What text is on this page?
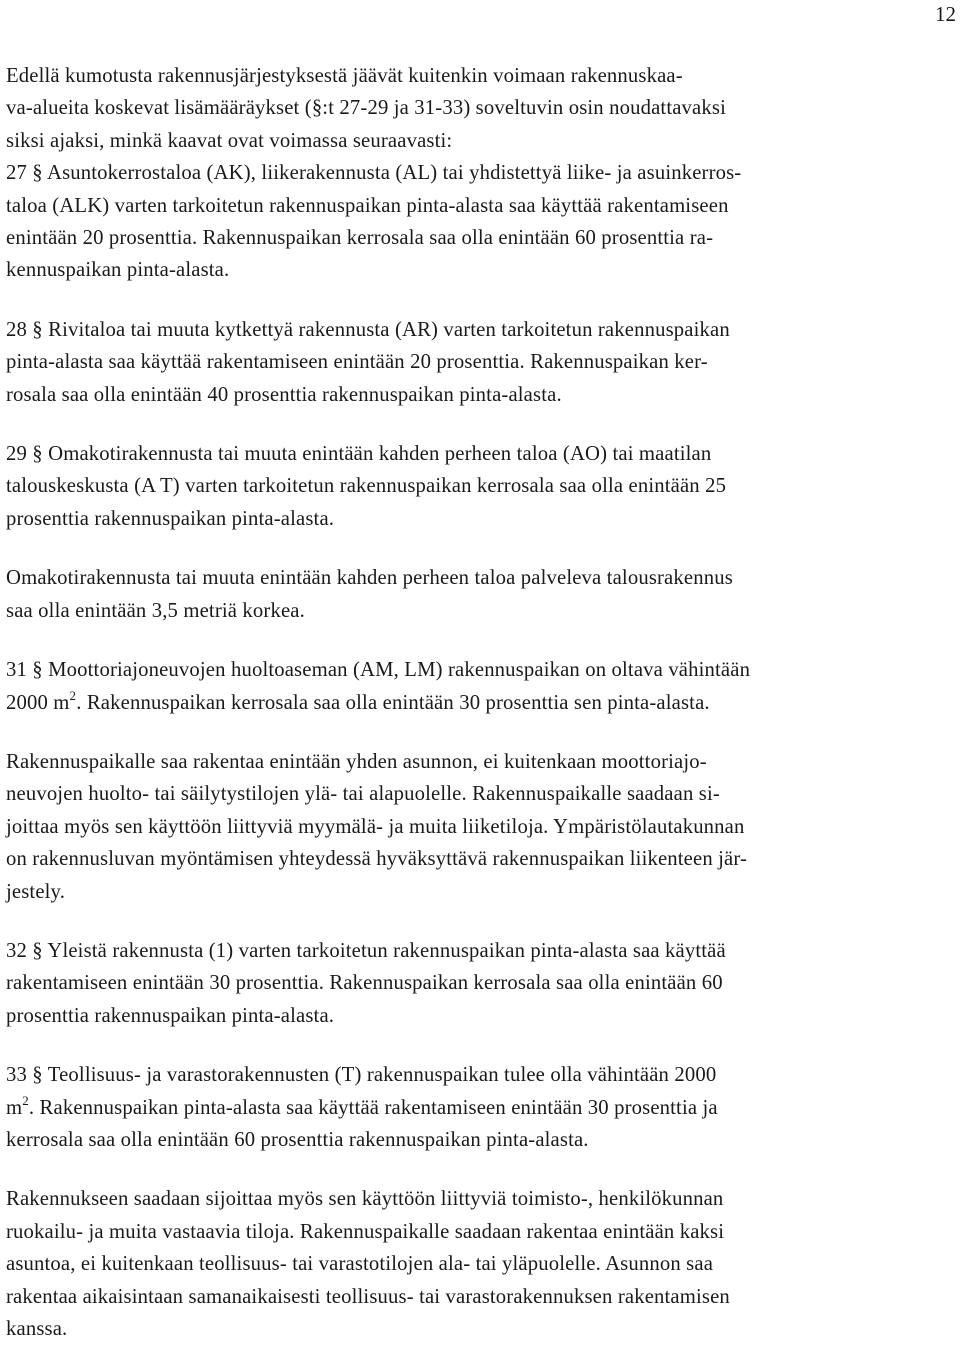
12

Edellä kumotusta rakennusjärjestyksestä jäävät kuitenkin voimaan rakennuskaa-
va-alueita koskevat lisämääräykset (§:t 27-29 ja 31-33) soveltuvin osin noudattavaksi
siksi ajaksi, minkä kaavat ovat voimassa seuraavasti:
27 § Asuntokerrostaloa (AK), liikerakennusta (AL) tai yhdistettyä liike- ja asuinkerros-
taloa (ALK) varten tarkoitetun rakennuspaikan pinta-alasta saa käyttää rakentamiseen
enintään 20 prosenttia. Rakennuspaikan kerrosala saa olla enintään 60 prosenttia ra-
kennuspaikan pinta-alasta.

28 § Rivitaloa tai muuta kytkettyä rakennusta (AR) varten tarkoitetun rakennuspaikan
pinta-alasta saa käyttää rakentamiseen enintään 20 prosenttia. Rakennuspaikan ker-
rosala saa olla enintään 40 prosenttia rakennuspaikan pinta-alasta.

29 § Omakotirakennusta tai muuta enintään kahden perheen taloa (AO) tai maatilan
talouskeskusta (A T) varten tarkoitetun rakennuspaikan kerrosala saa olla enintään 25
prosenttia rakennuspaikan pinta-alasta.

Omakotirakennusta tai muuta enintään kahden perheen taloa palveleva talousrakennus
saa olla enintään 3,5 metriä korkea.

31 § Moottoriajoneuvojen huoltoaseman (AM, LM) rakennuspaikan on oltava vähintään
2000 $m^2$. Rakennuspaikan kerrosala saa olla enintään 30 prosenttia sen pinta-alasta.

Rakennuspaikalle saa rakentaa enintään yhden asunnon, ei kuitenkaan moottoriajo-
neuvojen huolto- tai säilytystilojen ylä- tai alapuolelle. Rakennuspaikalle saadaan si-
joittaa myös sen käyttöön liittyviä myymälä- ja muita liiketiloja. Ympäristölautakunnan
on rakennusluvan myöntämisen yhteydessä hyväksyttävä rakennuspaikan liikenteen jär-
jestely.

32 § Yleistä rakennusta (1) varten tarkoitetun rakennuspaikan pinta-alasta saa käyttää
rakentamiseen enintään 30 prosenttia. Rakennuspaikan kerrosala saa olla enintään 60
prosenttia rakennuspaikan pinta-alasta.

33 § Teollisuus- ja varastorakennusten (T) rakennuspaikan tulee olla vähintään 2000
$m^2$. Rakennuspaikan pinta-alasta saa käyttää rakentamiseen enintään 30 prosenttia ja
kerrosala saa olla enintään 60 prosenttia rakennuspaikan pinta-alasta.

Rakennukseen saadaan sijoittaa myös sen käyttöön liittyviä toimisto-, henkilökunnan
ruokailu- ja muita vastaavia tiloja. Rakennuspaikalle saadaan rakentaa enintään kaksi
asuntoa, ei kuitenkaan teollisuus- tai varastotilojen ala- tai yläpuolelle. Asunnon saa
rakentaa aikaisintaan samanaikaisesti teollisuus- tai varastorakennuksen rakentamisen
kanssa.
